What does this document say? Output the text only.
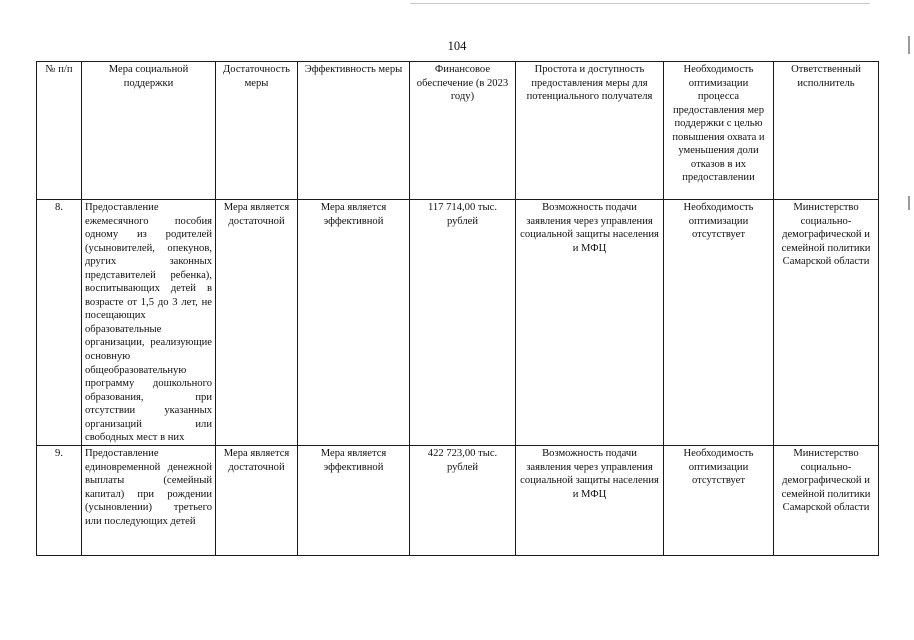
104
№ п/п	Мера социальной поддержки	Достаточность меры	Эффективность меры	Финансовое обеспечение (в 2023 году)	Простота и доступность предоставления меры для потенциального получателя	Необходимость оптимизации процесса предоставления мер поддержки с целью повышения охвата и уменьшения доли отказов в их предоставлении	Ответственный исполнитель
8.	Предоставление ежемесячного пособия одному из родителей (усыновителей, опекунов, других законных представителей ребенка), воспитывающих детей в возрасте от 1,5 до 3 лет, не посещающих образовательные организации, реализующие основную общеобразовательную программу дошкольного образования, при отсутствии указанных организаций или свободных мест в них	Мера является достаточной	Мера является эффективной	117 714,00 тыс. рублей	Возможность подачи заявления через управления социальной защиты населения и МФЦ	Необходимость оптимизации отсутствует	Министерство социально-демографической и семейной политики Самарской области
9.	Предоставление единовременной денежной выплаты (семейный капитал) при рождении (усыновлении) третьего или последующих детей	Мера является достаточной	Мера является эффективной	422 723,00 тыс. рублей	Возможность подачи заявления через управления социальной защиты населения и МФЦ	Необходимость оптимизации отсутствует	Министерство социально-демографической и семейной политики Самарской области
